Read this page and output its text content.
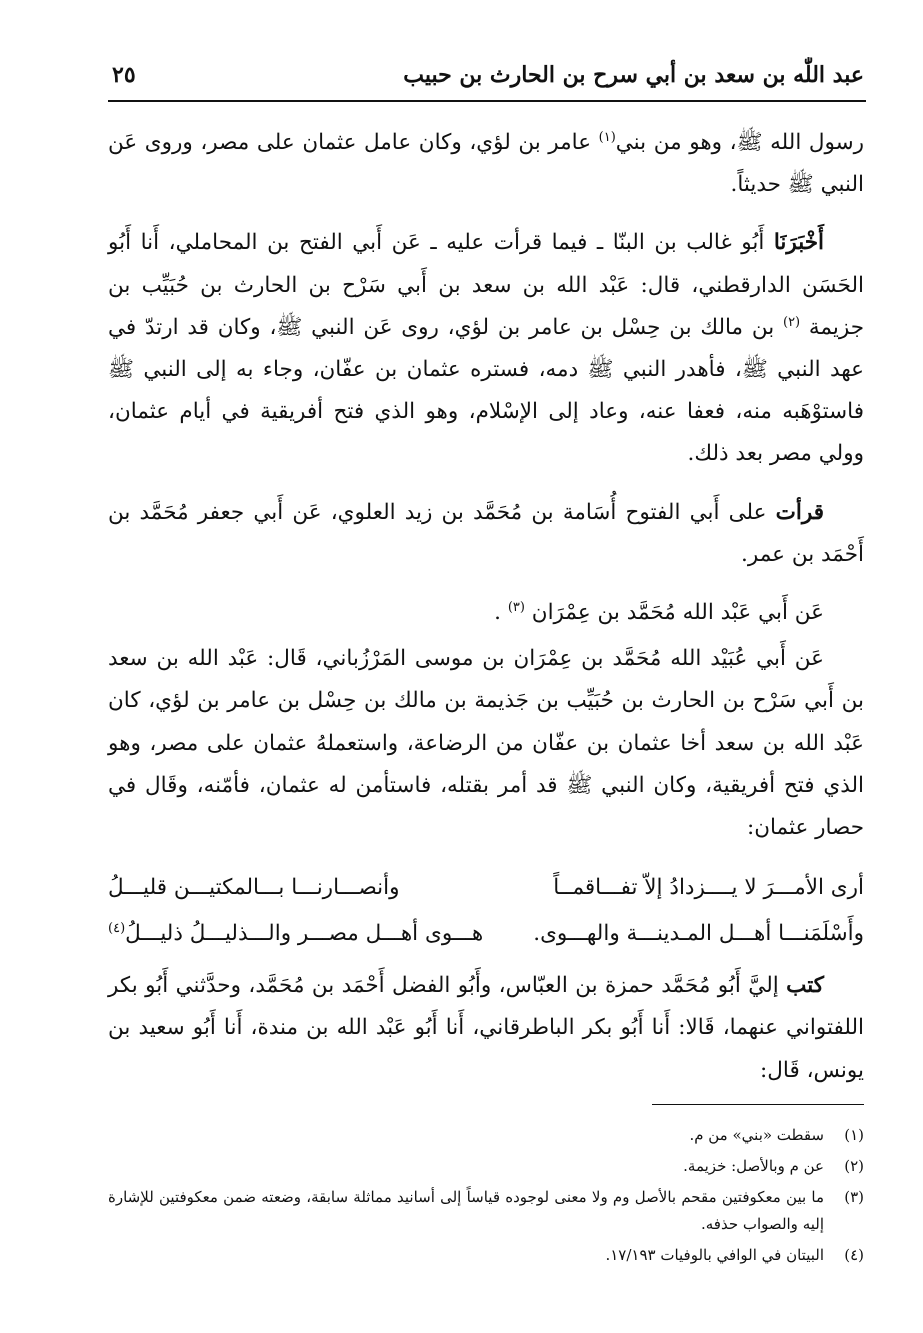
عبد اللّٰه بن سعد بن أبي سرح بن الحارث بن حبيب
٢٥

رسول الله ﷺ، وهو من بني$^{(١)}$ عامر بن لؤي، وكان عامل عثمان على مصر، وروى عَن النبي ﷺ حديثاً.

أَخْبَرَنَا أَبُو غالب بن البنّا ـ فيما قرأت عليه ـ عَن أَبي الفتح بن المحاملي، أَنا أَبُو الحَسَن الدارقطني، قال: عَبْد الله بن سعد بن أَبي سَرْح بن الحارث بن حُبَيِّب بن جزيمة $^{(٢)}$ بن مالك بن حِسْل بن عامر بن لؤي، روى عَن النبي ﷺ، وكان قد ارتدّ في عهد النبي ﷺ، فأهدر النبي ﷺ دمه، فستره عثمان بن عفّان، وجاء به إلى النبي ﷺ فاستوْهَبه منه، فعفا عنه، وعاد إلى الإسْلام، وهو الذي فتح أفريقية في أيام عثمان، وولي مصر بعد ذلك.

قرأت على أَبي الفتوح أُسَامة بن مُحَمَّد بن زيد العلوي، عَن أَبي جعفر مُحَمَّد بن أَحْمَد بن عمر.

عَن أَبي عَبْد الله مُحَمَّد بن عِمْرَان $^{(٣)}$ .

عَن أَبي عُبَيْد الله مُحَمَّد بن عِمْرَان بن موسى المَرْزُباني، قَال: عَبْد الله بن سعد بن أَبي سَرْح بن الحارث بن حُبَيِّب بن جَذيمة بن مالك بن حِسْل بن عامر بن لؤي، كان عَبْد الله بن سعد أخا عثمان بن عفّان من الرضاعة، واستعملهُ عثمان على مصر، وهو الذي فتح أفريقية، وكان النبي ﷺ قد أمر بقتله، فاستأمن له عثمان، فأمّنه، وقَال في حصار عثمان:

أرى الأمـــرَ لا يــــزدادُ إلاّ تفـــاقمــاً
وأنصـــارنـــا بـــالمكتيـــن قليـــلُ
وأَسْلَمَنـــا أهـــل المـدينـــة والهـــوى.
هـــوى أهـــل مصـــر والـــذليـــلُ ذليـــلُ$^{(٤)}$

كتب إليَّ أَبُو مُحَمَّد حمزة بن العبّاس، وأَبُو الفضل أَحْمَد بن مُحَمَّد، وحدَّثني أَبُو بكر اللفتواني عنهما، قَالا: أَنا أَبُو بكر الباطرقاني، أَنا أَبُو عَبْد الله بن مندة، أَنا أَبُو سعيد بن يونس، قَال:

(١)
سقطت «بني» من م.
(٢)
عن م وبالأصل: خزيمة.
(٣)
ما بين معكوفتين مقحم بالأصل وم ولا معنى لوجوده قياساً إلى أسانيد مماثلة سابقة، وضعته ضمن معكوفتين للإشارة إليه والصواب حذفه.
(٤)
البيتان في الوافي بالوفيات ١٧/١٩٣.
